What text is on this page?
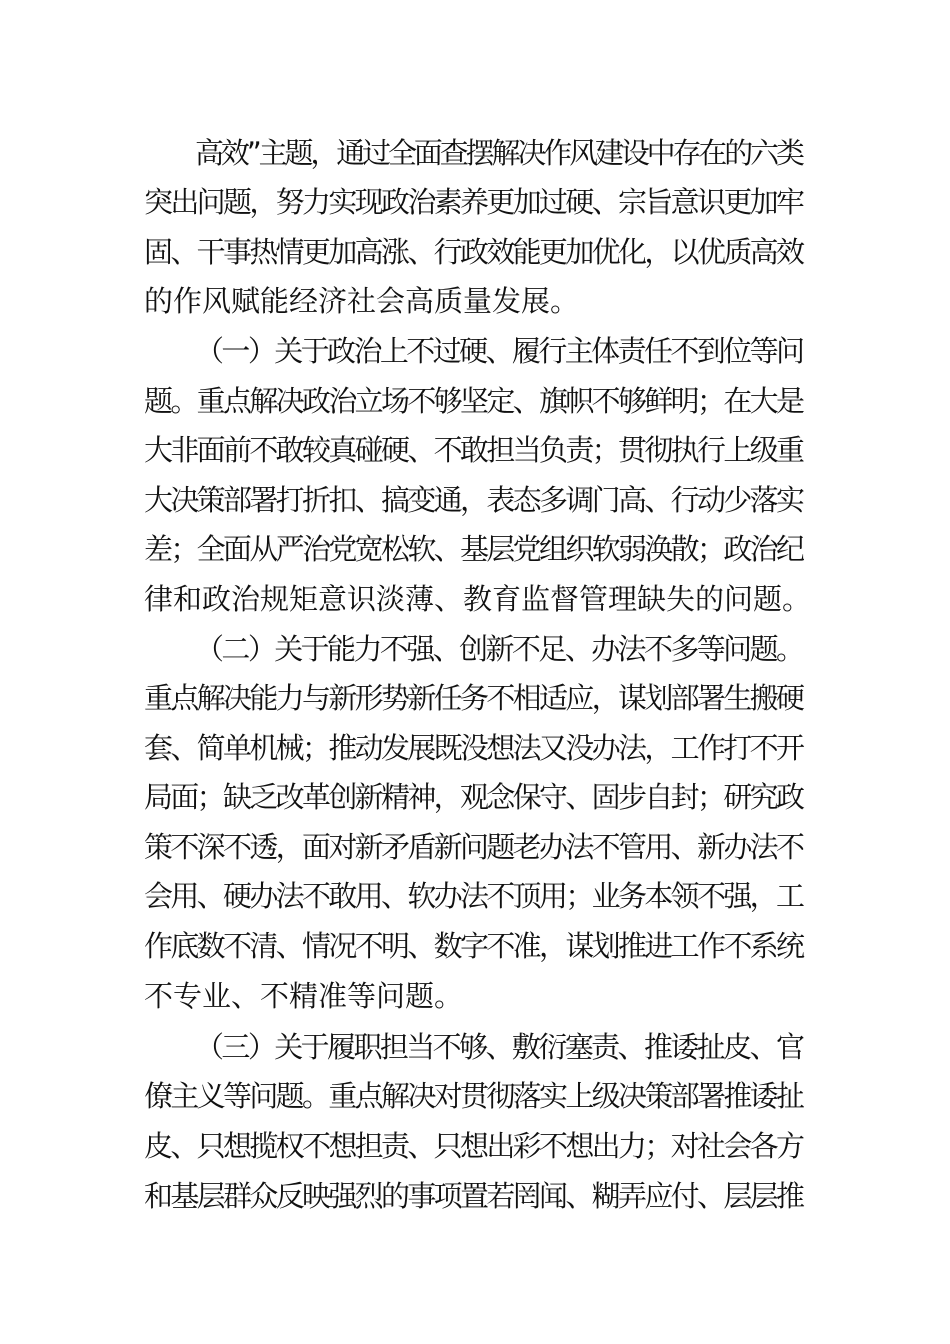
高效”主题，通过全面查摆解决作风建设中存在的六类
突出问题，努力实现政治素养更加过硬、宗旨意识更加牢
固、干事热情更加高涨、行政效能更加优化，以优质高效
的作风赋能经济社会高质量发展。
（一）关于政治上不过硬、履行主体责任不到位等问
题。重点解决政治立场不够坚定、旗帜不够鲜明；在大是
大非面前不敢较真碰硬、不敢担当负责；贯彻执行上级重
大决策部署打折扣、搞变通，表态多调门高、行动少落实
差；全面从严治党宽松软、基层党组织软弱涣散；政治纪
律和政治规矩意识淡薄、教育监督管理缺失的问题。
（二）关于能力不强、创新不足、办法不多等问题。
重点解决能力与新形势新任务不相适应，谋划部署生搬硬
套、简单机械；推动发展既没想法又没办法，工作打不开
局面；缺乏改革创新精神，观念保守、固步自封；研究政
策不深不透，面对新矛盾新问题老办法不管用、新办法不
会用、硬办法不敢用、软办法不顶用；业务本领不强，工
作底数不清、情况不明、数字不准，谋划推进工作不系统
不专业、不精准等问题。
（三）关于履职担当不够、敷衍塞责、推诿扯皮、官
僚主义等问题。重点解决对贯彻落实上级决策部署推诿扯
皮、只想揽权不想担责、只想出彩不想出力；对社会各方
和基层群众反映强烈的事项置若罔闻、糊弄应付、层层推
